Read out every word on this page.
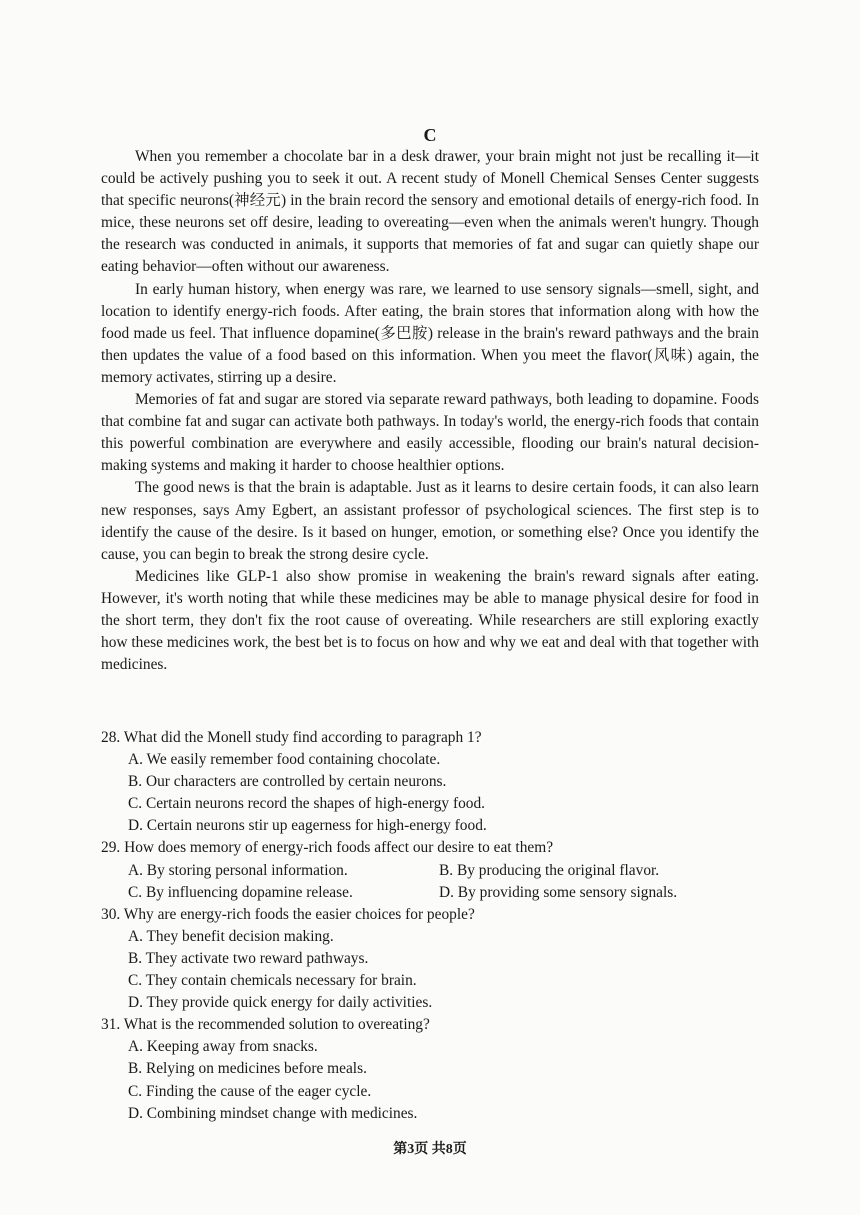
C

When you remember a chocolate bar in a desk drawer, your brain might not just be recalling it—it could be actively pushing you to seek it out. A recent study of Monell Chemical Senses Center suggests that specific neurons(神经元) in the brain record the sensory and emotional details of energy-rich food. In mice, these neurons set off desire, leading to overeating—even when the animals weren't hungry. Though the research was conducted in animals, it supports that memories of fat and sugar can quietly shape our eating behavior—often without our awareness.

In early human history, when energy was rare, we learned to use sensory signals—smell, sight, and location to identify energy-rich foods. After eating, the brain stores that information along with how the food made us feel. That influence dopamine(多巴胺) release in the brain's reward pathways and the brain then updates the value of a food based on this information. When you meet the flavor(风味) again, the memory activates, stirring up a desire.

Memories of fat and sugar are stored via separate reward pathways, both leading to dopamine. Foods that combine fat and sugar can activate both pathways. In today's world, the energy-rich foods that contain this powerful combination are everywhere and easily accessible, flooding our brain's natural decision-making systems and making it harder to choose healthier options.

The good news is that the brain is adaptable. Just as it learns to desire certain foods, it can also learn new responses, says Amy Egbert, an assistant professor of psychological sciences. The first step is to identify the cause of the desire. Is it based on hunger, emotion, or something else? Once you identify the cause, you can begin to break the strong desire cycle.

Medicines like GLP-1 also show promise in weakening the brain's reward signals after eating. However, it's worth noting that while these medicines may be able to manage physical desire for food in the short term, they don't fix the root cause of overeating. While researchers are still exploring exactly how these medicines work, the best bet is to focus on how and why we eat and deal with that together with medicines.

28. What did the Monell study find according to paragraph 1?

A. We easily remember food containing chocolate.

B. Our characters are controlled by certain neurons.

C. Certain neurons record the shapes of high-energy food.

D. Certain neurons stir up eagerness for high-energy food.

29. How does memory of energy-rich foods affect our desire to eat them?

A. By storing personal information.	B. By producing the original flavor.

C. By influencing dopamine release.	D. By providing some sensory signals.

30. Why are energy-rich foods the easier choices for people?

A. They benefit decision making.

B. They activate two reward pathways.

C. They contain chemicals necessary for brain.

D. They provide quick energy for daily activities.

31. What is the recommended solution to overeating?

A. Keeping away from snacks.

B. Relying on medicines before meals.

C. Finding the cause of the eager cycle.

D. Combining mindset change with medicines.

第3页 共8页
